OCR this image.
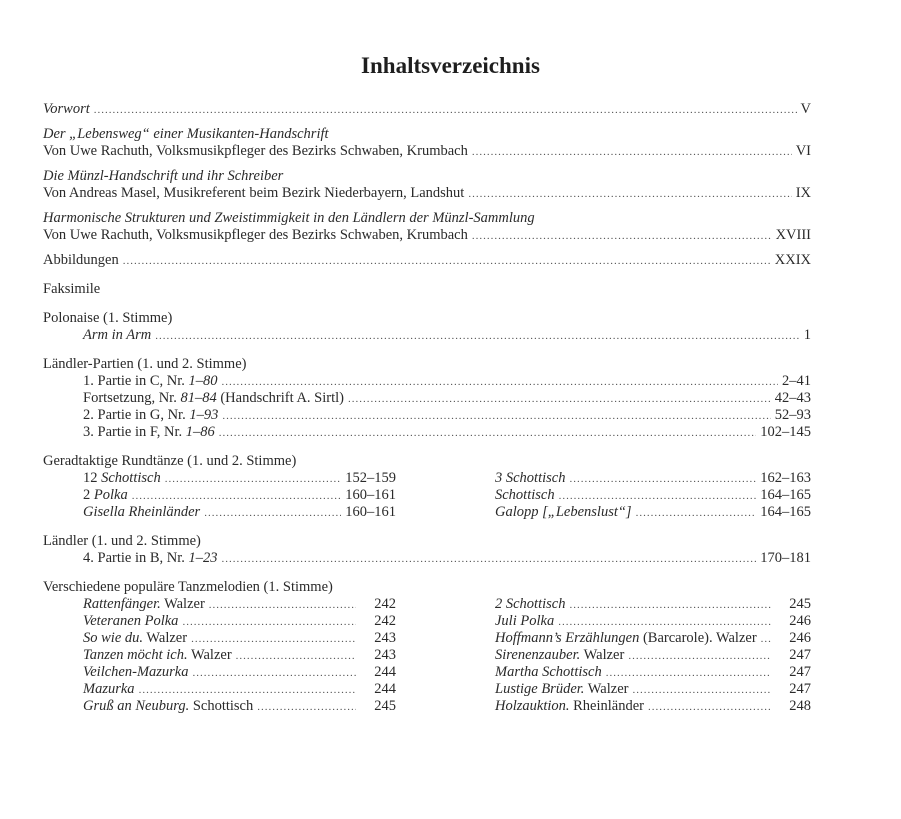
Inhaltsverzeichnis
Vorwort .....	V
Der „Lebensweg“ einer Musikanten-Handschrift
Von Uwe Rachuth, Volksmusikpfleger des Bezirks Schwaben, Krumbach .....	VI
Die Münzl-Handschrift und ihr Schreiber
Von Andreas Masel, Musikreferent beim Bezirk Niederbayern, Landshut .....	IX
Harmonische Strukturen und Zweistimmigkeit in den Ländlern der Münzl-Sammlung
Von Uwe Rachuth, Volksmusikpfleger des Bezirks Schwaben, Krumbach .....	XVIII
Abbildungen .....	XXIX
Faksimile
Polonaise (1. Stimme)
Arm in Arm .....	1
Ländler-Partien (1. und 2. Stimme)
1. Partie in C, Nr. 1–80 .....	2–41
Fortsetzung, Nr. 81–84 (Handschrift A. Sirtl) .....	42–43
2. Partie in G, Nr. 1–93 .....	52–93
3. Partie in F, Nr. 1–86 .....	102–145
Geradtaktige Rundtänze (1. und 2. Stimme)
12 Schottisch .....	152–159
2 Polka .....	160–161
Gisella Rheinländer .....	160–161
3 Schottisch .....	162–163
Schottisch .....	164–165
Galopp [„Lebenslust“] .....	164–165
Ländler (1. und 2. Stimme)
4. Partie in B, Nr. 1–23 .....	170–181
Verschiedene populäre Tanzmelodien (1. Stimme)
Rattenfänger. Walzer .....	242
Veteranen Polka .....	242
So wie du. Walzer .....	243
Tanzen möcht ich. Walzer .....	243
Veilchen-Mazurka .....	244
Mazurka .....	244
Gruß an Neuburg. Schottisch .....	245
2 Schottisch .....	245
Juli Polka .....	246
Hoffmann’s Erzählungen (Barcarole). Walzer .....	246
Sirenenzauber. Walzer .....	247
Martha Schottisch .....	247
Lustige Brüder. Walzer .....	247
Holzauktion. Rheinländer .....	248
